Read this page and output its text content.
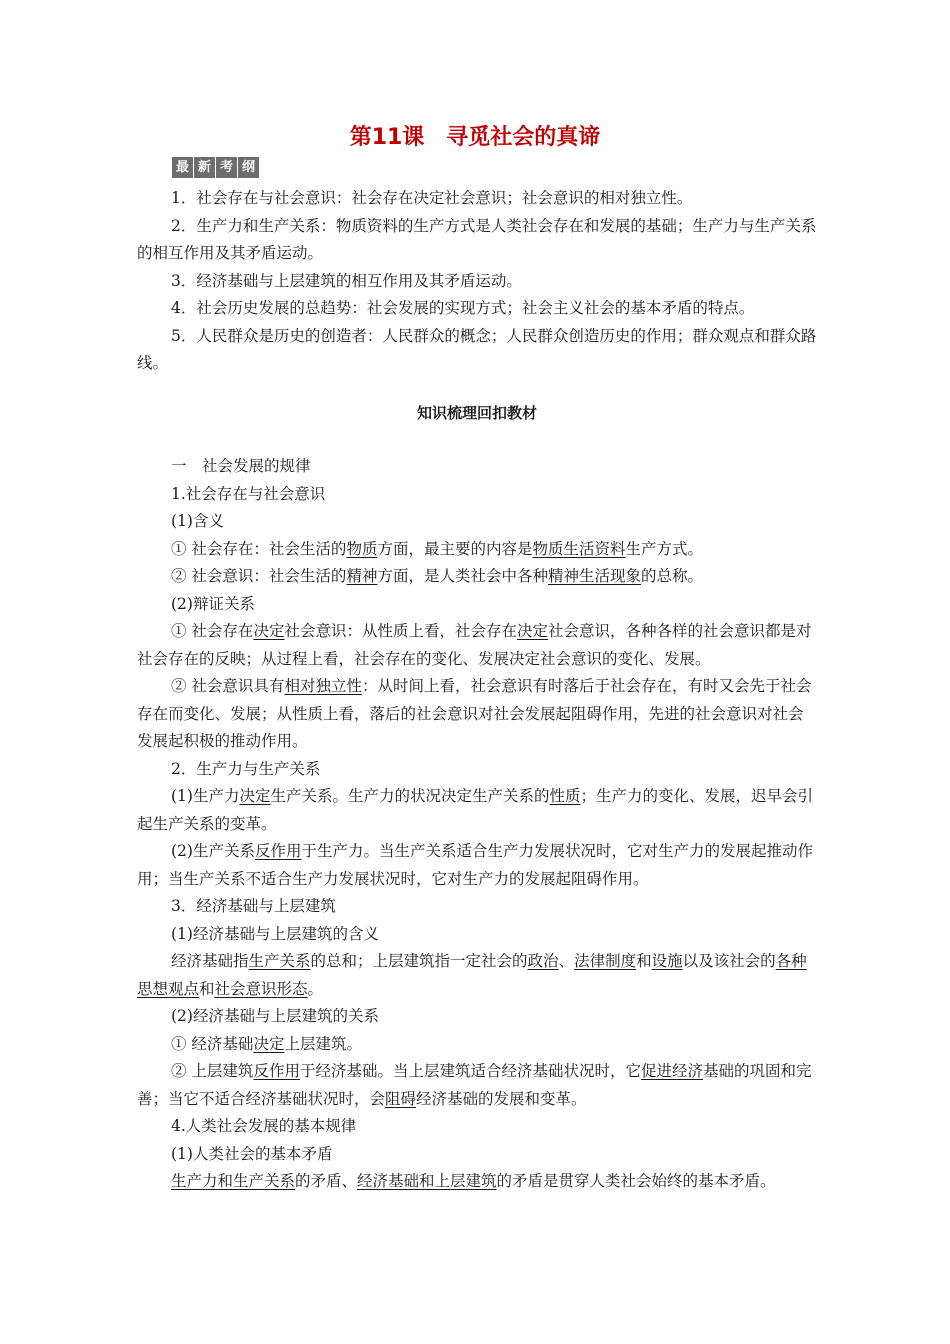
第11课　寻觅社会的真谛
最 新 考 纲

1．社会存在与社会意识：社会存在决定社会意识；社会意识的相对独立性。

2．生产力和生产关系：物质资料的生产方式是人类社会存在和发展的基础；生产力与生产关系的相互作用及其矛盾运动。

3．经济基础与上层建筑的相互作用及其矛盾运动。

4．社会历史发展的总趋势：社会发展的实现方式；社会主义社会的基本矛盾的特点。

5．人民群众是历史的创造者：人民群众的概念；人民群众创造历史的作用；群众观点和群众路线。

知识梳理回扣教材

一　社会发展的规律

1.社会存在与社会意识

(1)含义

① 社会存在：社会生活的物质方面，最主要的内容是物质生活资料生产方式。

② 社会意识：社会生活的精神方面，是人类社会中各种精神生活现象的总称。

(2)辩证关系

① 社会存在决定社会意识：从性质上看，社会存在决定社会意识，各种各样的社会意识都是对社会存在的反映；从过程上看，社会存在的变化、发展决定社会意识的变化、发展。

② 社会意识具有相对独立性：从时间上看，社会意识有时落后于社会存在，有时又会先于社会存在而变化、发展；从性质上看，落后的社会意识对社会发展起阻碍作用，先进的社会意识对社会发展起积极的推动作用。

2．生产力与生产关系

(1)生产力决定生产关系。生产力的状况决定生产关系的性质；生产力的变化、发展，迟早会引起生产关系的变革。

(2)生产关系反作用于生产力。当生产关系适合生产力发展状况时，它对生产力的发展起推动作用；当生产关系不适合生产力发展状况时，它对生产力的发展起阻碍作用。

3．经济基础与上层建筑

(1)经济基础与上层建筑的含义

经济基础指生产关系的总和；上层建筑指一定社会的政治、法律制度和设施以及该社会的各种思想观点和社会意识形态。

(2)经济基础与上层建筑的关系

① 经济基础决定上层建筑。

② 上层建筑反作用于经济基础。当上层建筑适合经济基础状况时，它促进经济基础的巩固和完善；当它不适合经济基础状况时，会阻碍经济基础的发展和变革。

4.人类社会发展的基本规律

(1)人类社会的基本矛盾

生产力和生产关系的矛盾、经济基础和上层建筑的矛盾是贯穿人类社会始终的基本矛盾。
